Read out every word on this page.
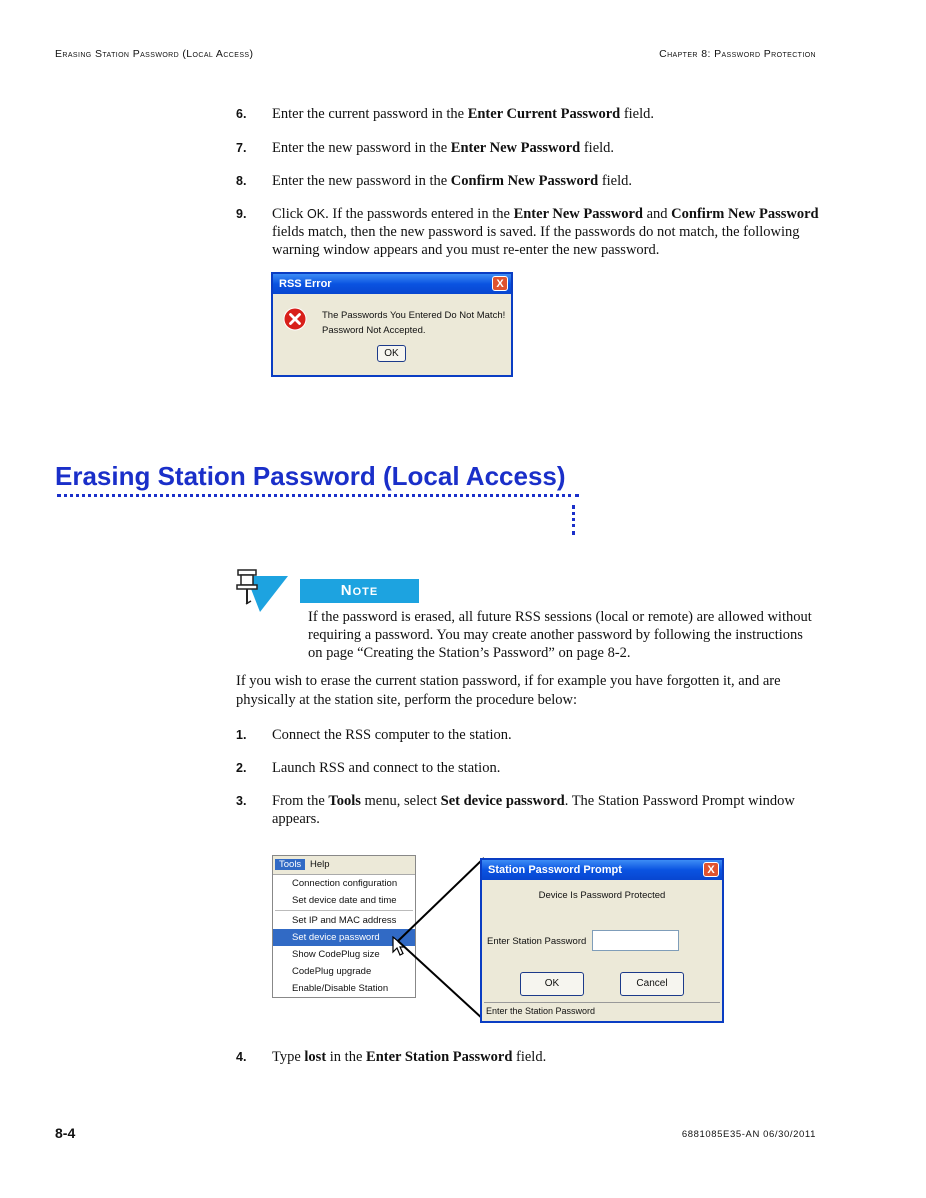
Erasing Station Password (Local Access)	Chapter 8: Password Protection
6. Enter the current password in the Enter Current Password field.
7. Enter the new password in the Enter New Password field.
8. Enter the new password in the Confirm New Password field.
9. Click OK. If the passwords entered in the Enter New Password and Confirm New Password fields match, then the new password is saved. If the passwords do not match, the following warning window appears and you must re-enter the new password.
RSS Error	X
The Passwords You Entered Do Not Match!
Password Not Accepted.
OK
Erasing Station Password (Local Access)
Note
If the password is erased, all future RSS sessions (local or remote) are allowed without requiring a password. You may create another password by following the instructions on page “Creating the Station’s Password” on page 8-2.
If you wish to erase the current station password, if for example you have forgotten it, and are physically at the station site, perform the procedure below:
1. Connect the RSS computer to the station.
2. Launch RSS and connect to the station.
3. From the Tools menu, select Set device password. The Station Password Prompt window appears.
Tools Help
Connection configuration
Set device date and time
Set IP and MAC address
Set device password
Show CodePlug size
CodePlug upgrade
Enable/Disable Station
Station Password Prompt	X
Device Is Password Protected
Enter Station Password
OK	Cancel
Enter the Station Password
4. Type lost in the Enter Station Password field.
8-4	6881085E35-AN 06/30/2011
